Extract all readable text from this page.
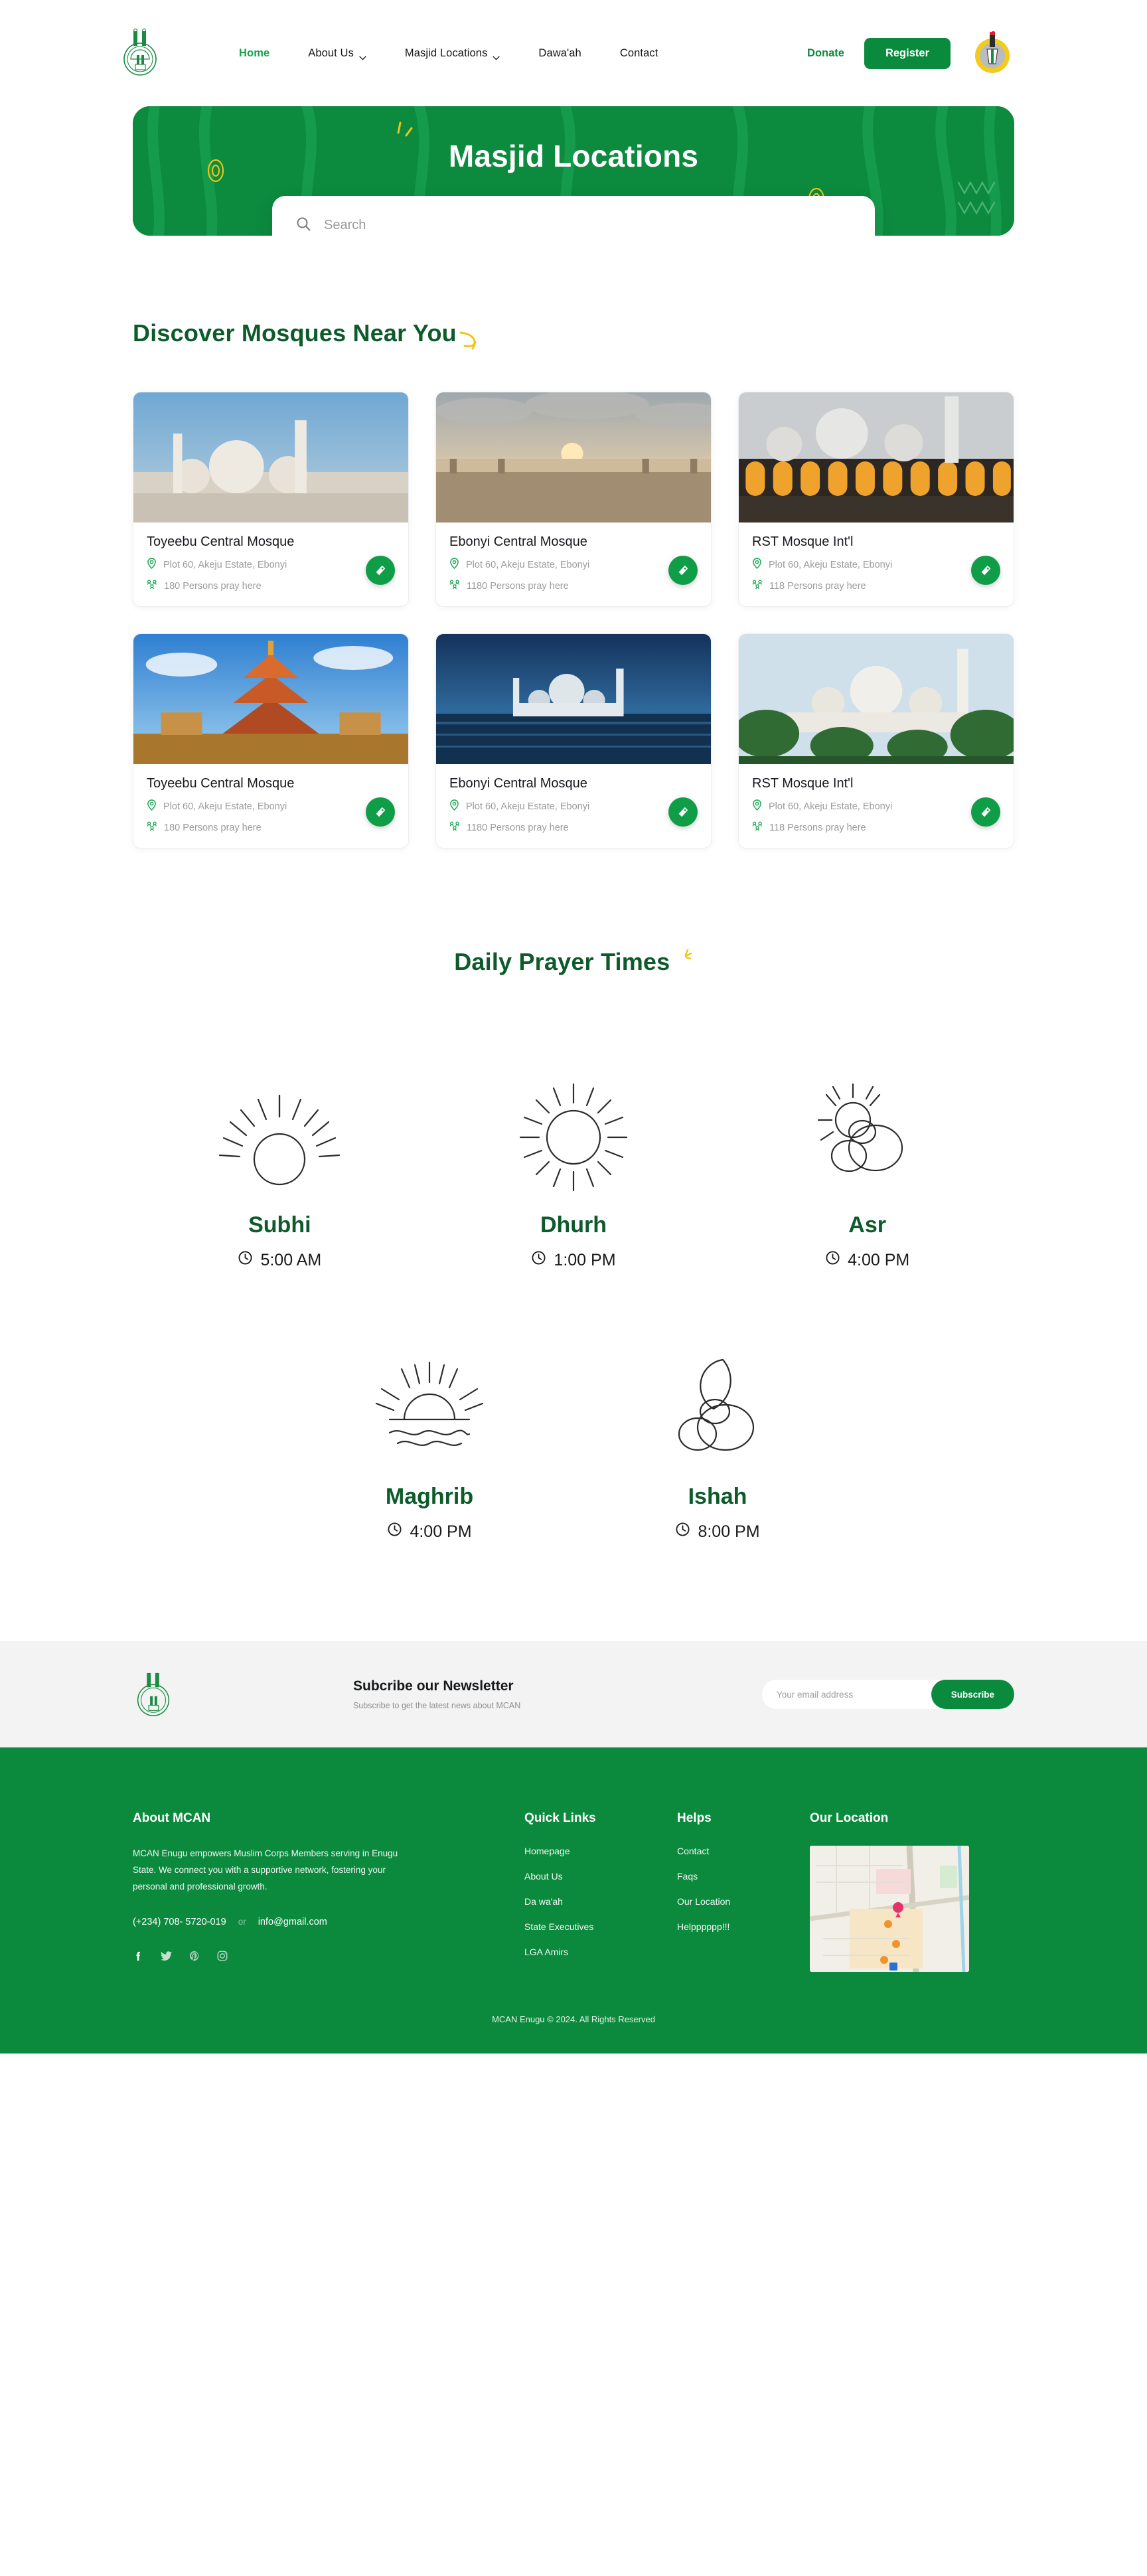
Home	About Us	Masjid Locations	Dawa'ah	Contact	Donate	Register
Masjid Locations
Search
Discover Mosques Near You
Toyeebu Central Mosque
Plot 60, Akeju Estate, Ebonyi
180 Persons pray here
Ebonyi Central Mosque
Plot 60, Akeju Estate, Ebonyi
1180 Persons pray here
RST Mosque Int'l
Plot 60, Akeju Estate, Ebonyi
118 Persons pray here
Toyeebu Central Mosque
Plot 60, Akeju Estate, Ebonyi
180 Persons pray here
Ebonyi Central Mosque
Plot 60, Akeju Estate, Ebonyi
1180 Persons pray here
RST Mosque Int'l
Plot 60, Akeju Estate, Ebonyi
118 Persons pray here
Daily Prayer Times
Subhi
5:00 AM
Dhurh
1:00 PM
Asr
4:00 PM
Maghrib
4:00 PM
Ishah
8:00 PM
Subcribe our Newsletter
Subscribe to get the latest news about MCAN
Your email address
Subscribe
About MCAN
MCAN Enugu empowers Muslim Corps Members serving in Enugu State. We connect you with a supportive network, fostering your personal and professional growth.
(+234) 708- 5720-019 or info@gmail.com
Quick Links
Homepage
About Us
Da wa'ah
State Executives
LGA Amirs
Helps
Contact
Faqs
Our Location
Helpppppp!!!
Our Location
MCAN Enugu © 2024. All Rights Reserved
